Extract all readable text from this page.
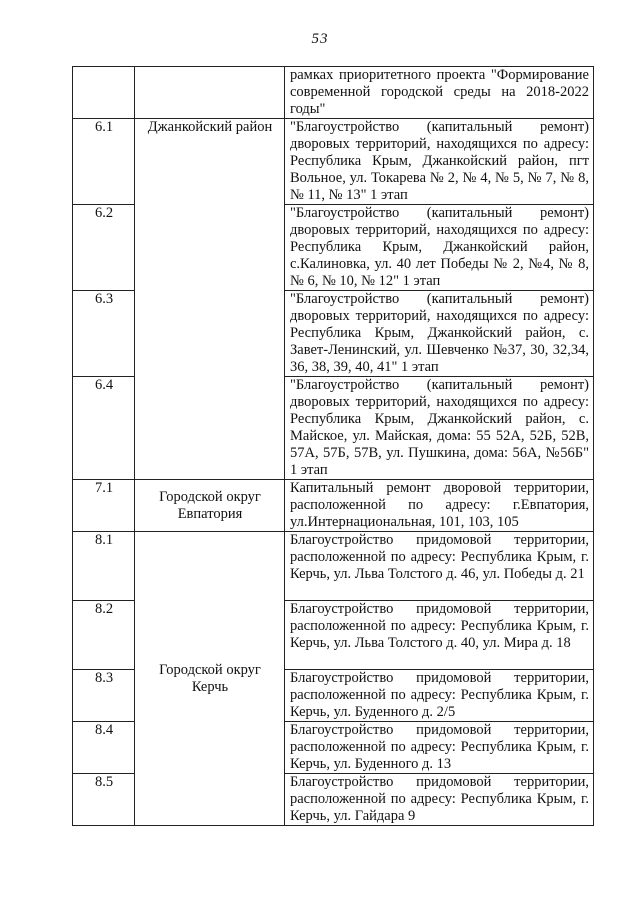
53
		рамках приоритетного проекта "Формирование современной городской среды на 2018-2022 годы"
6.1	Джанкойский район	"Благоустройство (капитальный ремонт) дворовых территорий, находящихся по адресу: Республика Крым, Джанкойский район, пгт Вольное, ул. Токарева № 2, № 4, № 5, № 7, № 8, № 11, № 13" 1 этап
6.2		"Благоустройство (капитальный ремонт) дворовых территорий, находящихся по адресу: Республика Крым, Джанкойский район, с.Калиновка, ул. 40 лет Победы № 2, №4, № 8, № 6, № 10, № 12" 1 этап
6.3		"Благоустройство (капитальный ремонт) дворовых территорий, находящихся по адресу: Республика Крым, Джанкойский район, с. Завет-Ленинский, ул. Шевченко №37, 30, 32,34, 36, 38, 39, 40, 41" 1 этап
6.4		"Благоустройство (капитальный ремонт) дворовых территорий, находящихся по адресу: Республика Крым, Джанкойский район, с. Майское, ул. Майская, дома: 55 52А, 52Б, 52В, 57А, 57Б, 57В, ул. Пушкина, дома: 56А, №56Б" 1 этап
7.1	Городской округ Евпатория	Капитальный ремонт дворовой территории, расположенной по адресу: г.Евпатория, ул.Интернациональная, 101, 103, 105
8.1	Городской округ Керчь	Благоустройство придомовой территории, расположенной по адресу: Республика Крым, г. Керчь, ул. Льва Толстого д. 46, ул. Победы д. 21
8.2		Благоустройство придомовой территории, расположенной по адресу: Республика Крым, г. Керчь, ул. Льва Толстого д. 40, ул. Мира д. 18
8.3		Благоустройство придомовой территории, расположенной по адресу: Республика Крым, г. Керчь, ул. Буденного д. 2/5
8.4		Благоустройство придомовой территории, расположенной по адресу: Республика Крым, г. Керчь, ул. Буденного д. 13
8.5		Благоустройство придомовой территории, расположенной по адресу: Республика Крым, г. Керчь, ул. Гайдара 9
